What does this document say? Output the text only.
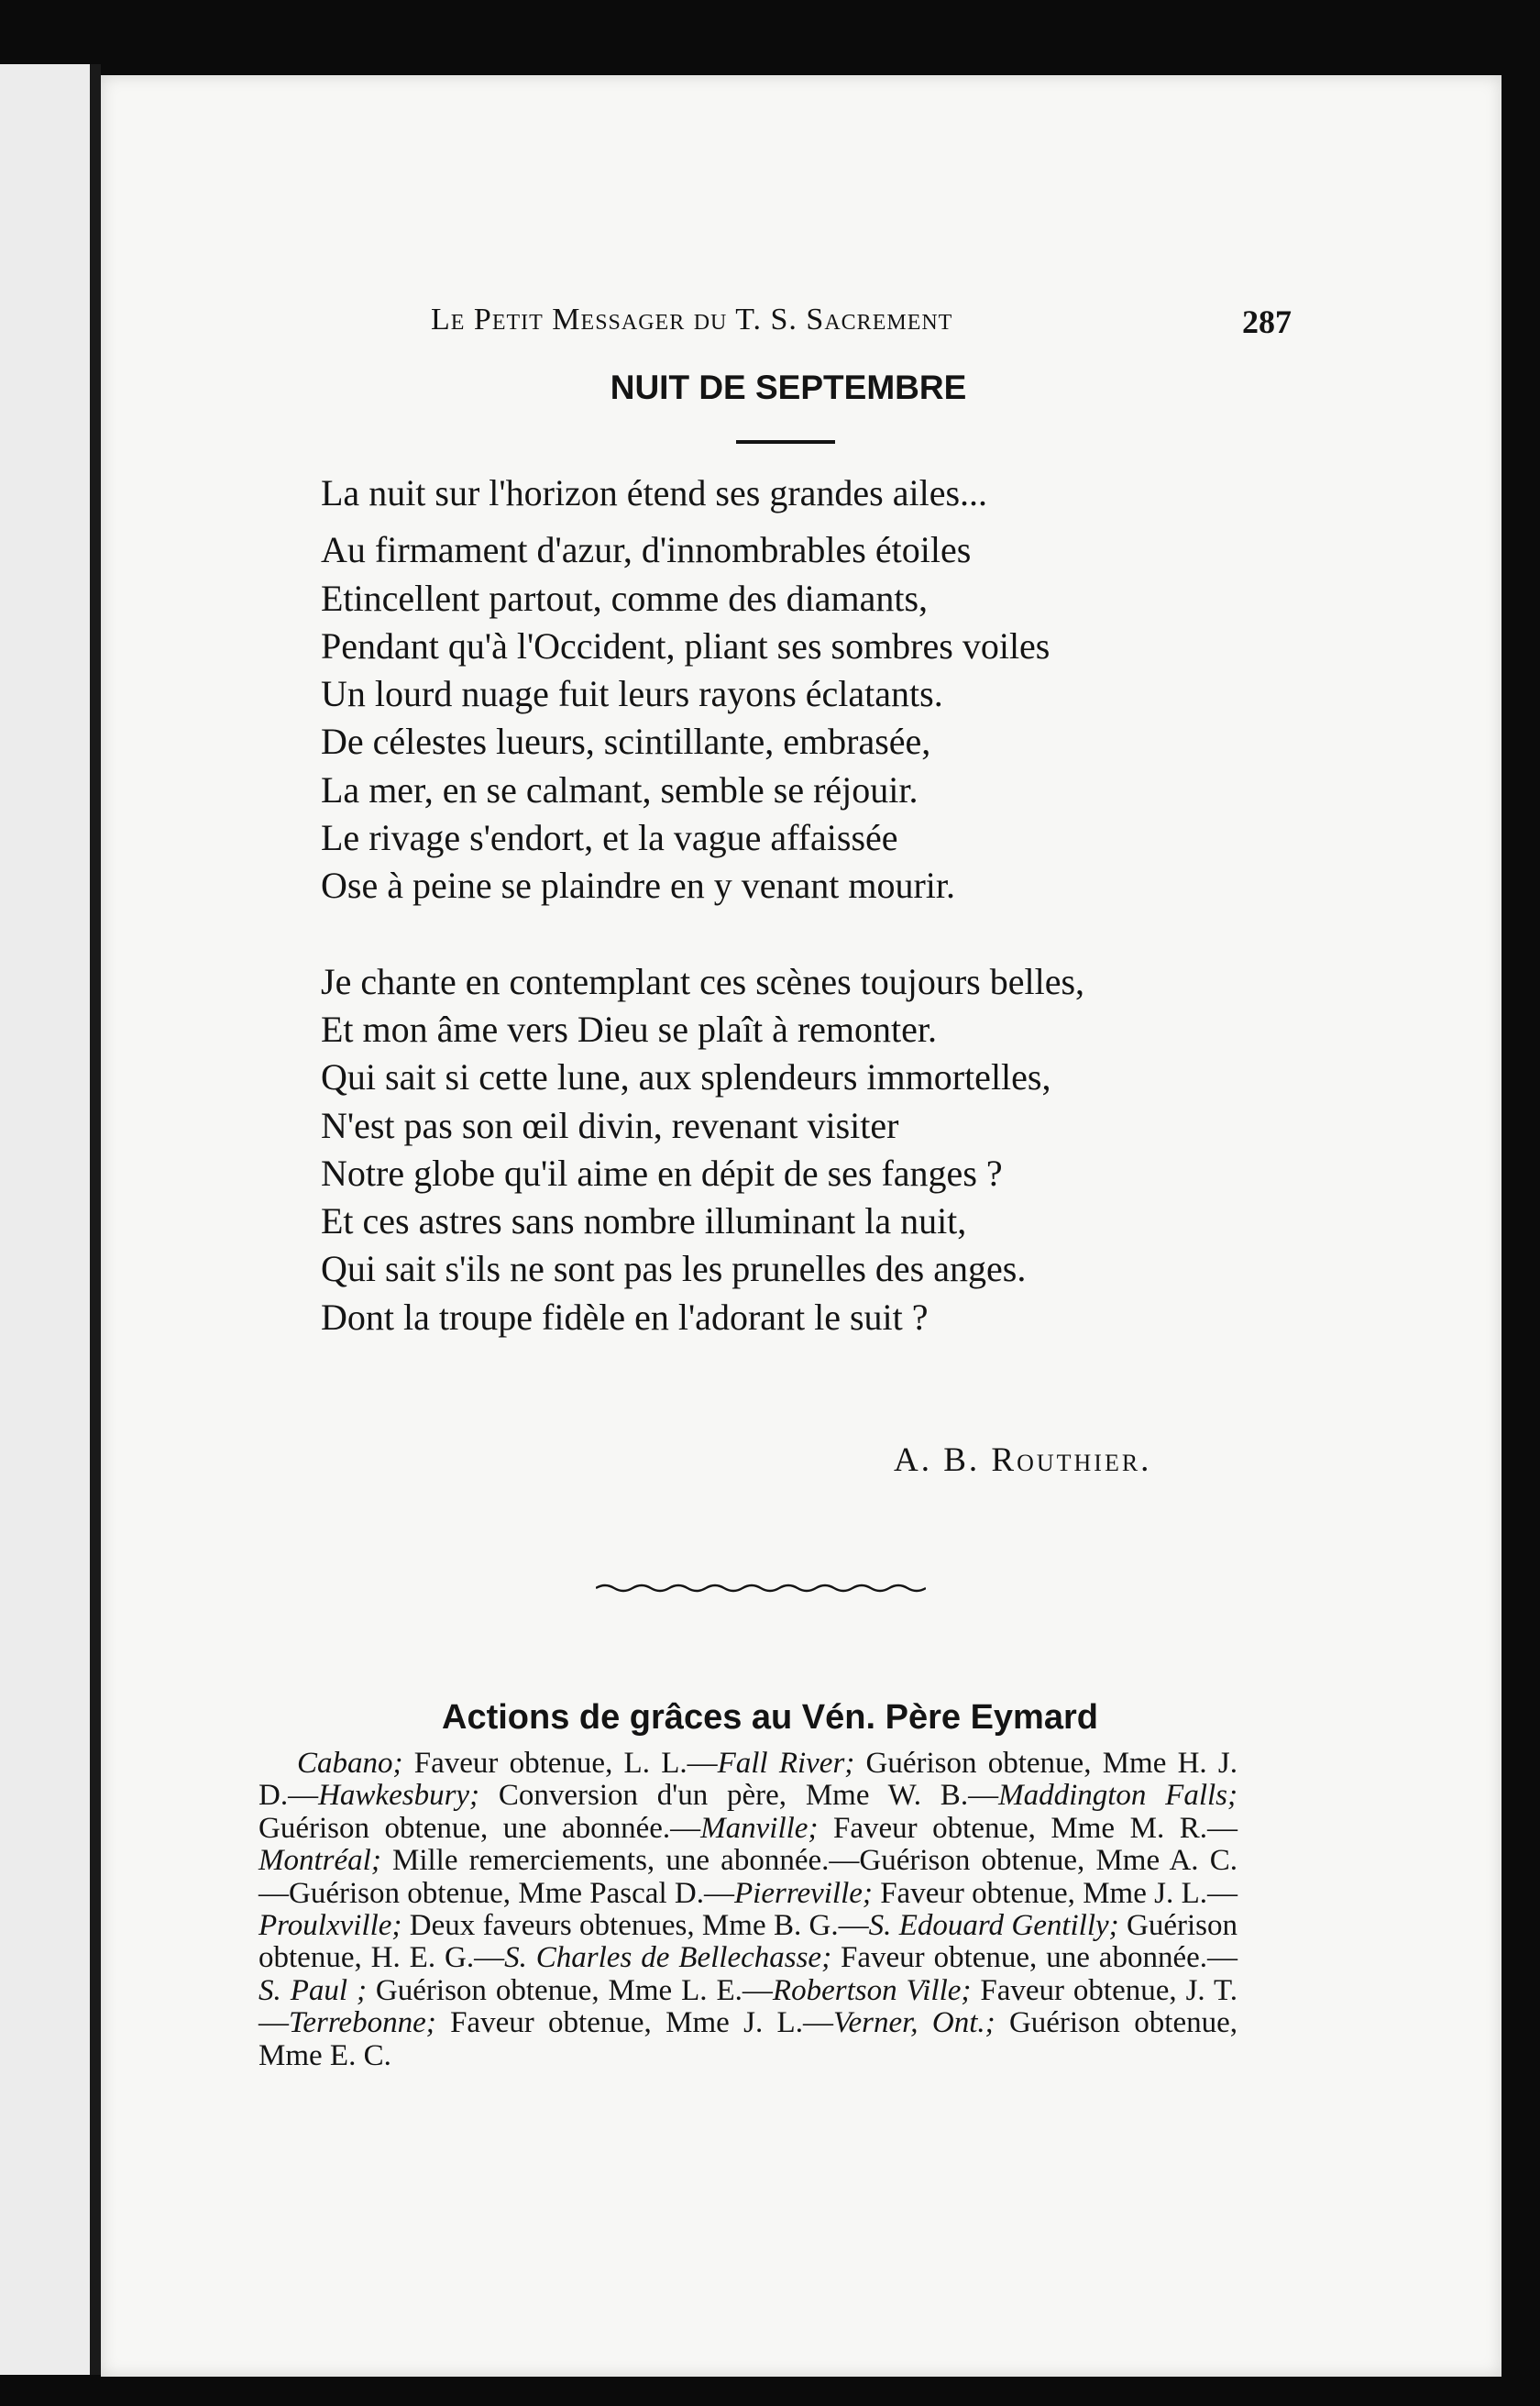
Le Petit Messager du T. S. Sacrement	287
NUIT DE SEPTEMBRE
La nuit sur l'horizon étend ses grandes ailes...
Au firmament d'azur, d'innombrables étoiles
Etincellent partout, comme des diamants,
Pendant qu'à l'Occident, pliant ses sombres voiles
Un lourd nuage fuit leurs rayons éclatants.
De célestes lueurs, scintillante, embrasée,
La mer, en se calmant, semble se réjouir.
Le rivage s'endort, et la vague affaissée
Ose à peine se plaindre en y venant mourir.
Je chante en contemplant ces scènes toujours belles,
Et mon âme vers Dieu se plaît à remonter.
Qui sait si cette lune, aux splendeurs immortelles,
N'est pas son œil divin, revenant visiter
Notre globe qu'il aime en dépit de ses fanges ?
Et ces astres sans nombre illuminant la nuit,
Qui sait s'ils ne sont pas les prunelles des anges.
Dont la troupe fidèle en l'adorant le suit ?
A. B. Routhier.
Actions de grâces au Vén. Père Eymard
Cabano; Faveur obtenue, L. L.—Fall River; Guérison obtenue, Mme H. J. D.—Hawkesbury; Conversion d'un père, Mme W. B.—Maddington Falls; Guérison obtenue, une abonnée.—Manville; Faveur obtenue, Mme M. R.—Montréal; Mille remerciements, une abonnée.—Guérison obtenue, Mme A. C. —Guérison obtenue, Mme Pascal D.—Pierreville; Faveur obtenue, Mme J. L.—Proulxville; Deux faveurs obtenues, Mme B. G.—S. Edouard Gentilly; Guérison obtenue, H. E. G.—S. Charles de Bellechasse; Faveur obtenue, une abonnée.—S. Paul ; Guérison obtenue, Mme L. E.—Robertson Ville; Faveur obtenue, J. T.—Terrebonne; Faveur obtenue, Mme J. L.—Verner, Ont.; Guérison obtenue, Mme E. C.
